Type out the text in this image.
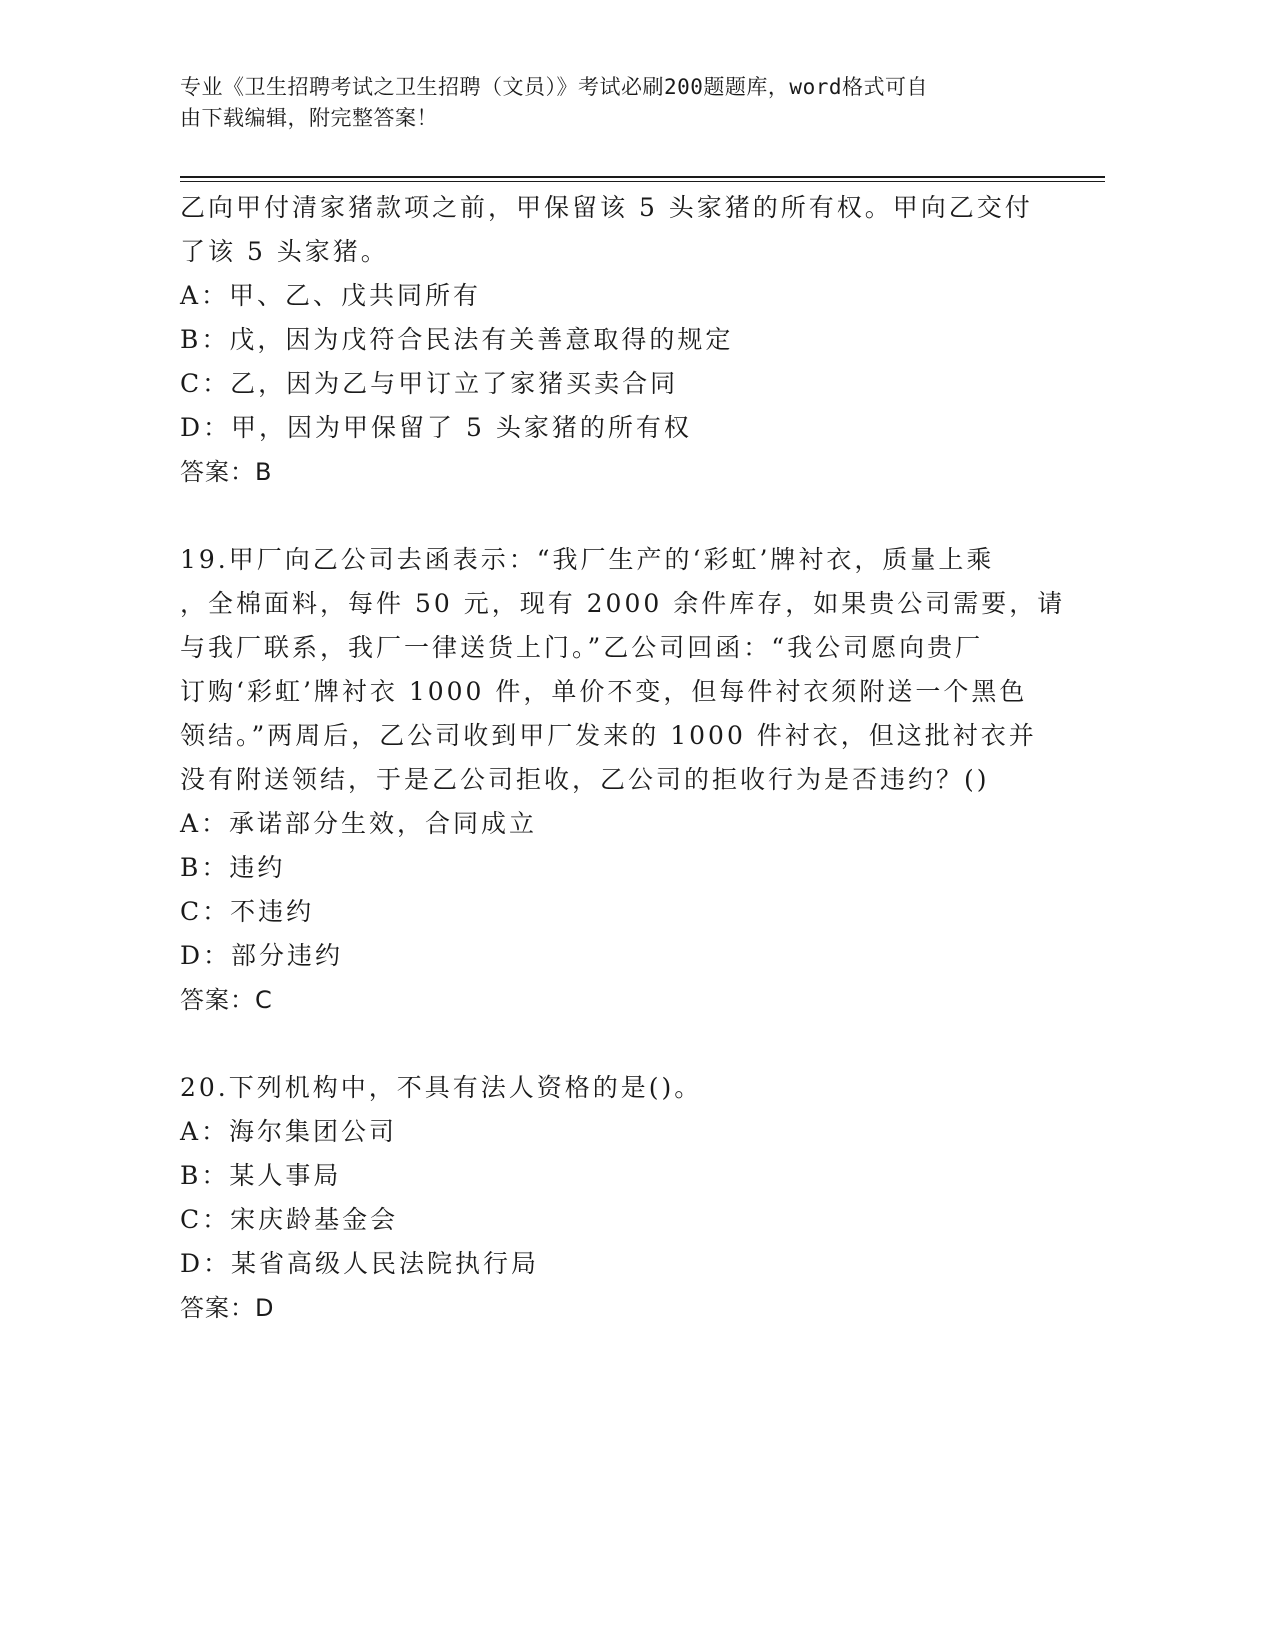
专业《卫生招聘考试之卫生招聘（文员）》考试必刷200题题库，word格式可自
由下载编辑，附完整答案！
乙向甲付清家猪款项之前，甲保留该 5 头家猪的所有权。甲向乙交付
了该 5 头家猪。
A：甲、乙、戊共同所有
B：戊，因为戊符合民法有关善意取得的规定
C：乙，因为乙与甲订立了家猪买卖合同
D：甲，因为甲保留了 5 头家猪的所有权
答案：B
19.甲厂向乙公司去函表示：“我厂生产的‘彩虹’牌衬衣，质量上乘
，全棉面料，每件 50 元，现有 2000 余件库存，如果贵公司需要，请
与我厂联系，我厂一律送货上门。”乙公司回函：“我公司愿向贵厂
订购‘彩虹’牌衬衣 1000 件，单价不变，但每件衬衣须附送一个黑色
领结。”两周后，乙公司收到甲厂发来的 1000 件衬衣，但这批衬衣并
没有附送领结，于是乙公司拒收，乙公司的拒收行为是否违约？()
A：承诺部分生效，合同成立
B：违约
C：不违约
D：部分违约
答案：C
20.下列机构中，不具有法人资格的是()。
A：海尔集团公司
B：某人事局
C：宋庆龄基金会
D：某省高级人民法院执行局
答案：D
